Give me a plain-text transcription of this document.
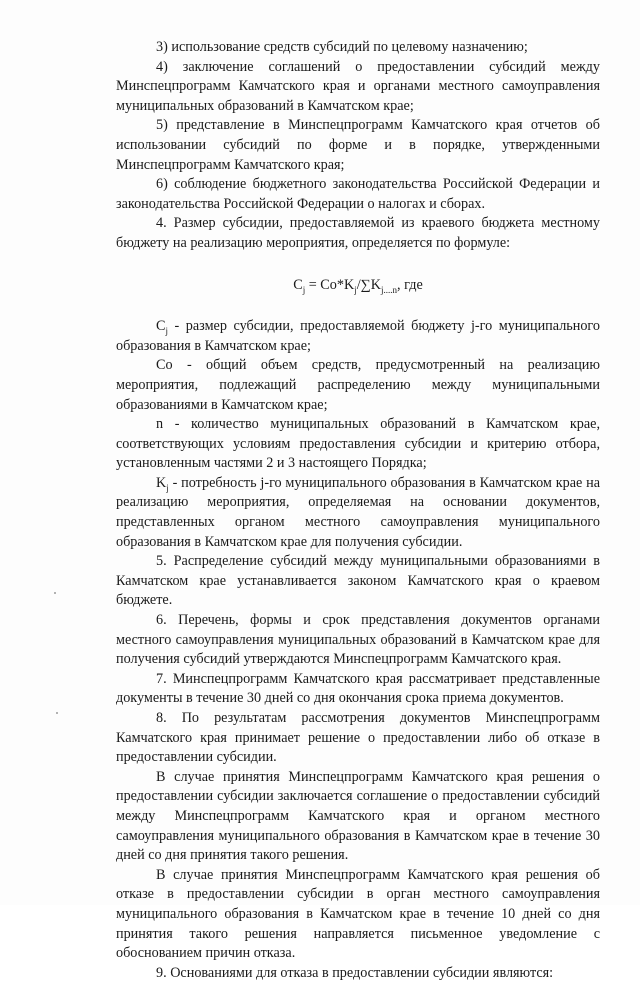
3) использование средств субсидий по целевому назначению;

4) заключение соглашений о предоставлении субсидий между Минспецпрограмм Камчатского края и органами местного самоуправления муниципальных образований в Камчатском крае;

5) представление в Минспецпрограмм Камчатского края отчетов об использовании субсидий по форме и в порядке, утвержденными Минспецпрограмм Камчатского края;

6) соблюдение бюджетного законодательства Российской Федерации и законодательства Российской Федерации о налогах и сборах.

4. Размер субсидии, предоставляемой из краевого бюджета местному бюджету на реализацию мероприятия, определяется по формуле:

$C_j = Co*K_j/\sum K_{j....n}$, где

$C_j$ - размер субсидии, предоставляемой бюджету j-го муниципального образования в Камчатском крае;

Co - общий объем средств, предусмотренный на реализацию мероприятия, подлежащий распределению между муниципальными образованиями в Камчатском крае;

n - количество муниципальных образований в Камчатском крае, соответствующих условиям предоставления субсидии и критерию отбора, установленным частями 2 и 3 настоящего Порядка;

$K_j$ - потребность j-го муниципального образования в Камчатском крае на реализацию мероприятия, определяемая на основании документов, представленных органом местного самоуправления муниципального образования в Камчатском крае для получения субсидии.

5. Распределение субсидий между муниципальными образованиями в Камчатском крае устанавливается законом Камчатского края о краевом бюджете.

6. Перечень, формы и срок представления документов органами местного самоуправления муниципальных образований в Камчатском крае для получения субсидий утверждаются Минспецпрограмм Камчатского края.

7. Минспецпрограмм Камчатского края рассматривает представленные документы в течение 30 дней со дня окончания срока приема документов.

8. По результатам рассмотрения документов Минспецпрограмм Камчатского края принимает решение о предоставлении либо об отказе в предоставлении субсидии.

В случае принятия Минспецпрограмм Камчатского края решения о предоставлении субсидии заключается соглашение о предоставлении субсидий между Минспецпрограмм Камчатского края и органом местного самоуправления муниципального образования в Камчатском крае в течение 30 дней со дня принятия такого решения.

В случае принятия Минспецпрограмм Камчатского края решения об отказе в предоставлении субсидии в орган местного самоуправления муниципального образования в Камчатском крае в течение 10 дней со дня принятия такого решения направляется письменное уведомление с обоснованием причин отказа.

9. Основаниями для отказа в предоставлении субсидии являются:
